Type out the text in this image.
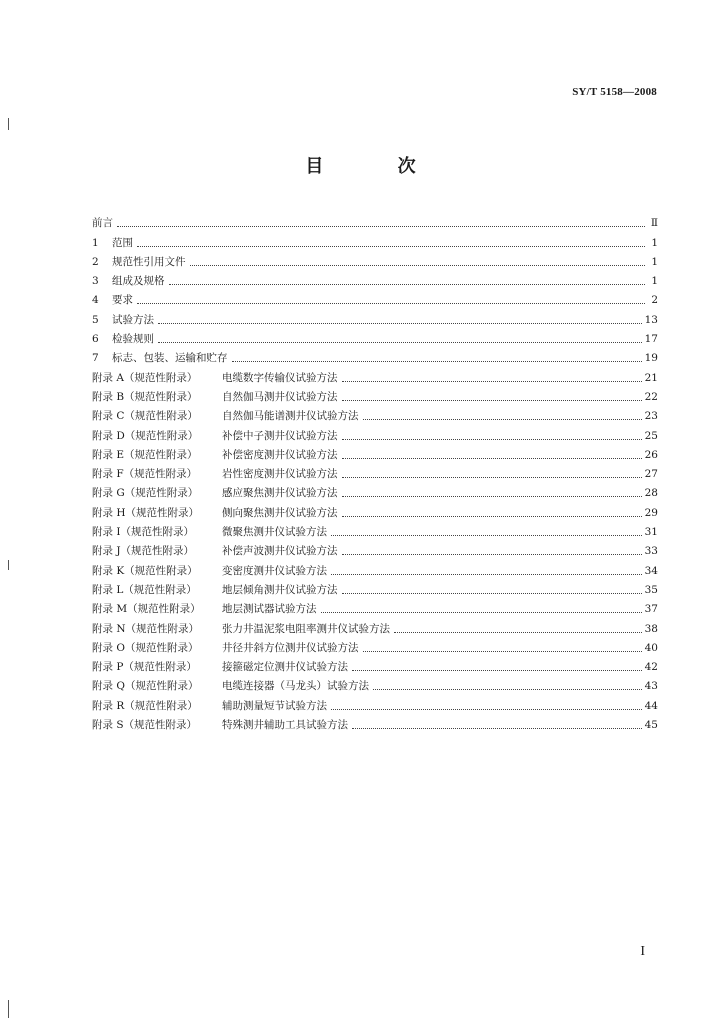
SY/T 5158—2008
目 次
前言	Ⅱ
1	范围	1
2	规范性引用文件	1
3	组成及规格	1
4	要求	2
5	试验方法	13
6	检验规则	17
7	标志、包装、运输和贮存	19
附录 A（规范性附录）	电缆数字传输仪试验方法	21
附录 B（规范性附录）	自然伽马测井仪试验方法	22
附录 C（规范性附录）	自然伽马能谱测井仪试验方法	23
附录 D（规范性附录）	补偿中子测井仪试验方法	25
附录 E（规范性附录）	补偿密度测井仪试验方法	26
附录 F（规范性附录）	岩性密度测井仪试验方法	27
附录 G（规范性附录）	感应聚焦测井仪试验方法	28
附录 H（规范性附录）	侧向聚焦测井仪试验方法	29
附录 I（规范性附录）	微聚焦测井仪试验方法	31
附录 J（规范性附录）	补偿声波测井仪试验方法	33
附录 K（规范性附录）	变密度测井仪试验方法	34
附录 L（规范性附录）	地层倾角测井仪试验方法	35
附录 M（规范性附录）	地层测试器试验方法	37
附录 N（规范性附录）	张力井温泥浆电阻率测井仪试验方法	38
附录 O（规范性附录）	井径井斜方位测井仪试验方法	40
附录 P（规范性附录）	接箍磁定位测井仪试验方法	42
附录 Q（规范性附录）	电缆连接器（马龙头）试验方法	43
附录 R（规范性附录）	辅助测量短节试验方法	44
附录 S（规范性附录）	特殊测井辅助工具试验方法	45
I
